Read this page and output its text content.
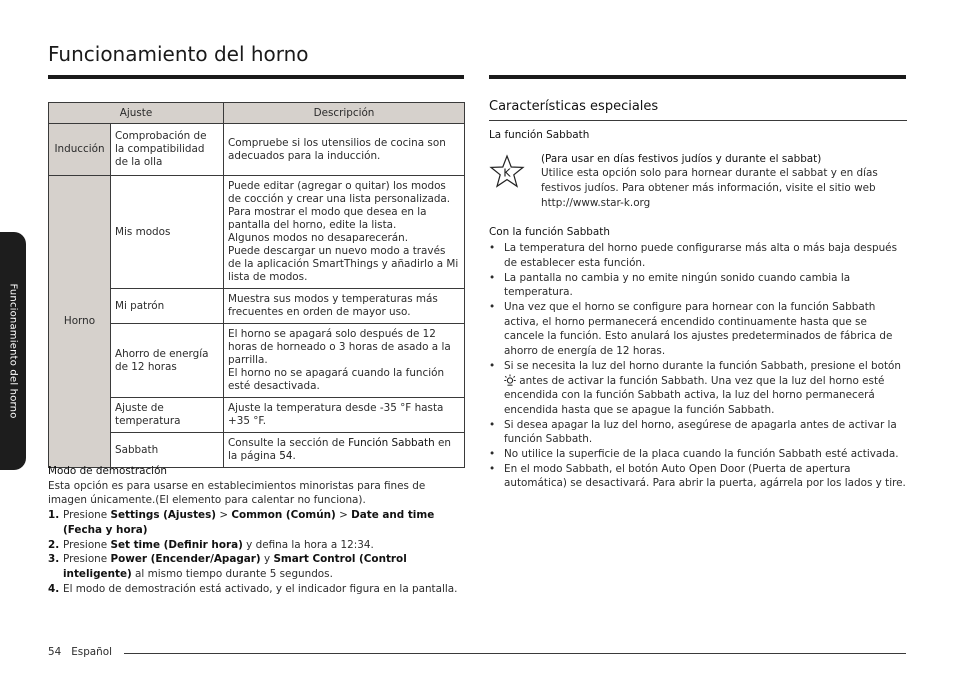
Funcionamiento del horno
Funcionamiento del horno
Ajuste		Descripción
Inducción	Comprobación de la compatibilidad de la olla	Compruebe si los utensilios de cocina son adecuados para la inducción.
Horno	Mis modos	Puede editar (agregar o quitar) los modos de cocción y crear una lista personalizada.
Para mostrar el modo que desea en la pantalla del horno, edite la lista.
Algunos modos no desaparecerán.
Puede descargar un nuevo modo a través de la aplicación SmartThings y añadirlo a Mi lista de modos.

	Mi patrón	Muestra sus modos y temperaturas más frecuentes en orden de mayor uso.

	Ahorro de energía de 12 horas	El horno se apagará solo después de 12 horas de horneado o 3 horas de asado a la parrilla.
El horno no se apagará cuando la función esté desactivada.

	Ajuste de temperatura	Ajuste la temperatura desde -35 °F hasta +35 °F.

	Sabbath	Consulte la sección de Función Sabbath en la página 54.
Modo de demostración

Esta opción es para usarse en establecimientos minoristas para fines de imagen únicamente.(El elemento para calentar no funciona).

1. Presione Settings (Ajustes) > Common (Común) > Date and time (Fecha y hora)
2. Presione Set time (Definir hora) y defina la hora a 12:34.
3. Presione Power (Encender/Apagar) y Smart Control (Control inteligente) al mismo tiempo durante 5 segundos.
4. El modo de demostración está activado, y el indicador figura en la pantalla.
Características especiales
La función Sabbath
K
(Para usar en días festivos judíos y durante el sabbat)
Utilice esta opción solo para hornear durante el sabbat y en días festivos judíos. Para obtener más información, visite el sitio web http://www.star-k.org
Con la función Sabbath
• La temperatura del horno puede configurarse más alta o más baja después de establecer esta función.
• La pantalla no cambia y no emite ningún sonido cuando cambia la temperatura.
• Una vez que el horno se configure para hornear con la función Sabbath activa, el horno permanecerá encendido continuamente hasta que se cancele la función. Esto anulará los ajustes predeterminados de fábrica de ahorro de energía de 12 horas.
• Si se necesita la luz del horno durante la función Sabbath, presione el botón  antes de activar la función Sabbath. Una vez que la luz del horno esté encendida con la función Sabbath activa, la luz del horno permanecerá encendida hasta que se apague la función Sabbath.
• Si desea apagar la luz del horno, asegúrese de apagarla antes de activar la función Sabbath.
• No utilice la superficie de la placa cuando la función Sabbath esté activada.
• En el modo Sabbath, el botón Auto Open Door (Puerta de apertura automática) se desactivará. Para abrir la puerta, agárrela por los lados y tire.
54 Español
